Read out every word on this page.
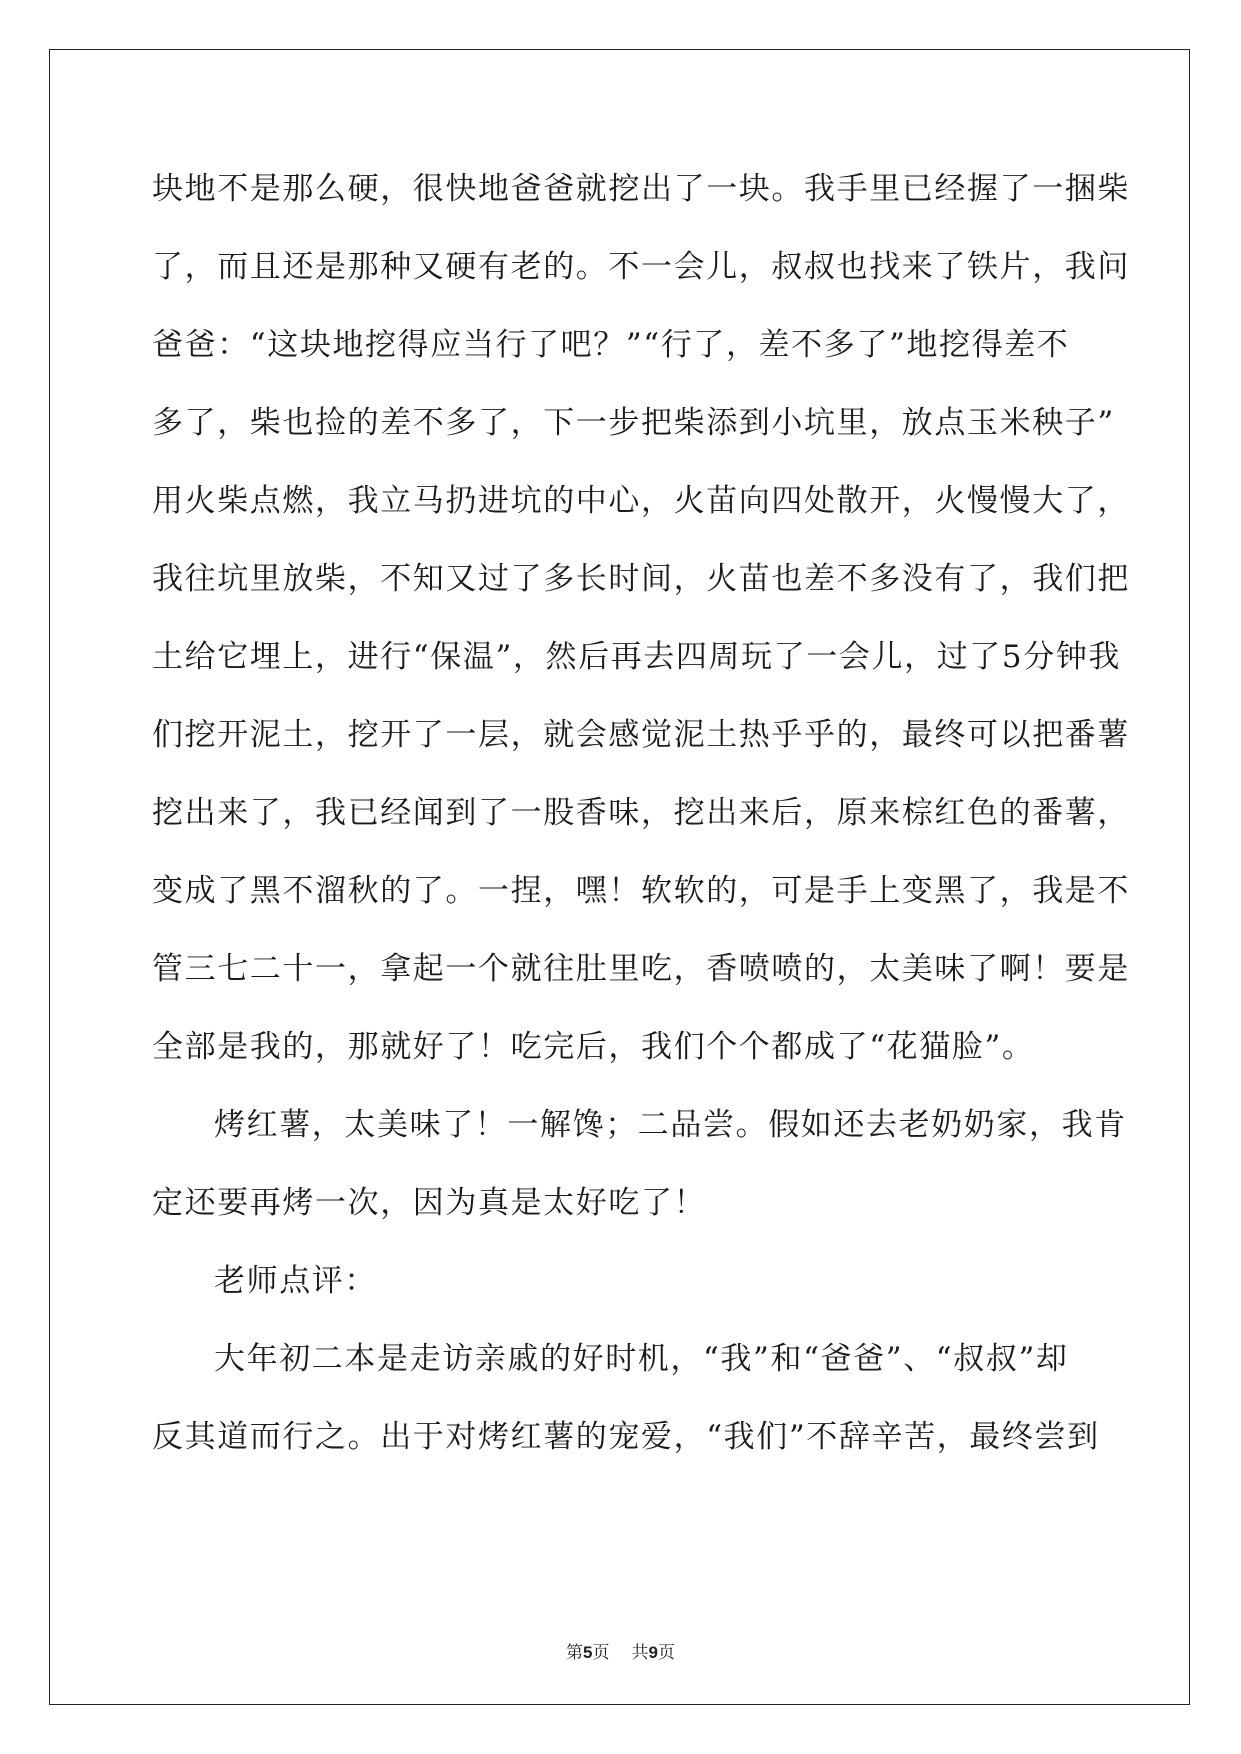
块地不是那么硬，很快地爸爸就挖出了一块。我手里已经握了一捆柴
了，而且还是那种又硬有老的。不一会儿，叔叔也找来了铁片，我问
爸爸：“这块地挖得应当行了吧？”“行了，差不多了”地挖得差不
多了，柴也捡的差不多了，下一步把柴添到小坑里，放点玉米秧子”
用火柴点燃，我立马扔进坑的中心，火苗向四处散开，火慢慢大了，
我往坑里放柴，不知又过了多长时间，火苗也差不多没有了，我们把
土给它埋上，进行“保温”，然后再去四周玩了一会儿，过了5分钟我
们挖开泥土，挖开了一层，就会感觉泥土热乎乎的，最终可以把番薯
挖出来了，我已经闻到了一股香味，挖出来后，原来棕红色的番薯，
变成了黑不溜秋的了。一捏，嘿！软软的，可是手上变黑了，我是不
管三七二十一，拿起一个就往肚里吃，香喷喷的，太美味了啊！要是
全部是我的，那就好了！吃完后，我们个个都成了“花猫脸”。
烤红薯，太美味了！一解馋；二品尝。假如还去老奶奶家，我肯
定还要再烤一次，因为真是太好吃了！
老师点评：
大年初二本是走访亲戚的好时机，“我”和“爸爸”、“叔叔”却
反其道而行之。出于对烤红薯的宠爱，“我们”不辞辛苦，最终尝到
第5页 共9页
